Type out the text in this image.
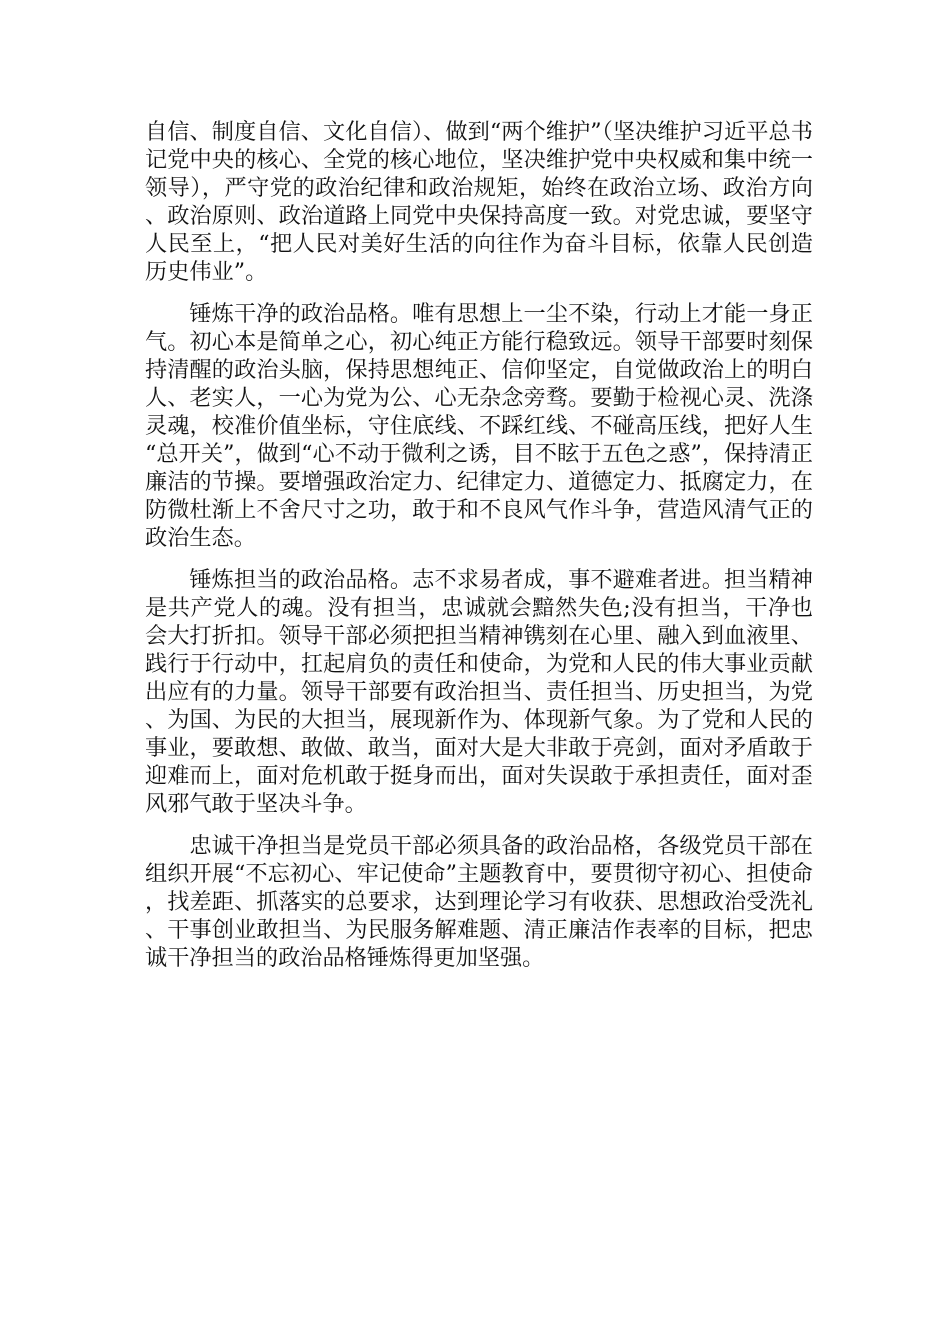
自信、制度自信、文化自信）、做到“两个维护”（坚决维护习近平总书记党中央的核心、全党的核心地位，坚决维护党中央权威和集中统一领导），严守党的政治纪律和政治规矩，始终在政治立场、政治方向、政治原则、政治道路上同党中央保持高度一致。对党忠诚，要坚守人民至上，“把人民对美好生活的向往作为奋斗目标，依靠人民创造历史伟业”。

锤炼干净的政治品格。唯有思想上一尘不染，行动上才能一身正气。初心本是简单之心，初心纯正方能行稳致远。领导干部要时刻保持清醒的政治头脑，保持思想纯正、信仰坚定，自觉做政治上的明白人、老实人，一心为党为公、心无杂念旁骛。要勤于检视心灵、洗涤灵魂，校准价值坐标，守住底线、不踩红线、不碰高压线，把好人生“总开关”，做到“心不动于微利之诱，目不眩于五色之惑”，保持清正廉洁的节操。要增强政治定力、纪律定力、道德定力、抵腐定力，在防微杜渐上不舍尺寸之功，敢于和不良风气作斗争，营造风清气正的政治生态。

锤炼担当的政治品格。志不求易者成，事不避难者进。担当精神是共产党人的魂。没有担当，忠诚就会黯然失色;没有担当，干净也会大打折扣。领导干部必须把担当精神镌刻在心里、融入到血液里、践行于行动中，扛起肩负的责任和使命，为党和人民的伟大事业贡献出应有的力量。领导干部要有政治担当、责任担当、历史担当，为党、为国、为民的大担当，展现新作为、体现新气象。为了党和人民的事业，要敢想、敢做、敢当，面对大是大非敢于亮剑，面对矛盾敢于迎难而上，面对危机敢于挺身而出，面对失误敢于承担责任，面对歪风邪气敢于坚决斗争。

忠诚干净担当是党员干部必须具备的政治品格，各级党员干部在组织开展“不忘初心、牢记使命”主题教育中，要贯彻守初心、担使命，找差距、抓落实的总要求，达到理论学习有收获、思想政治受洗礼、干事创业敢担当、为民服务解难题、清正廉洁作表率的目标，把忠诚干净担当的政治品格锤炼得更加坚强。
